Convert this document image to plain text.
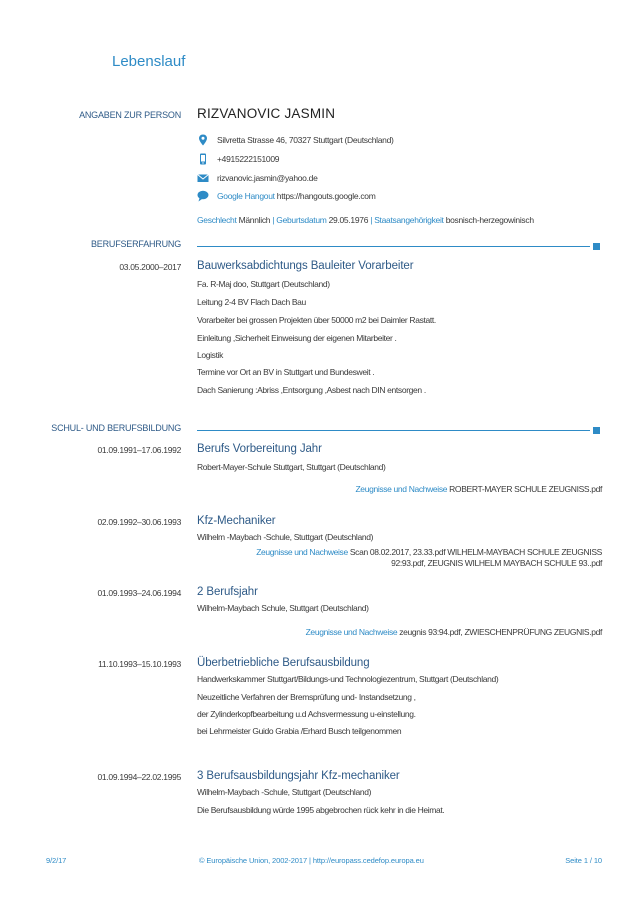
Lebenslauf
ANGABEN ZUR PERSON RIZVANOVIC JASMIN
Silvretta Strasse 46, 70327 Stuttgart (Deutschland)
+4915222151009
rizvanovic.jasmin@yahoo.de
Google Hangout
https://hangouts.google.com
Geschlecht Männlich | Geburtsdatum 29.05.1976 | Staatsangehörigkeit bosnisch-herzegowinisch
BERUFSERFAHRUNG
03.05.2000–2017 Bauwerksabdichtungs Bauleiter Vorarbeiter
Fa. R-Maj doo, Stuttgart (Deutschland)
Leitung 2-4 BV Flach Dach Bau
Vorarbeiter bei grossen Projekten über 50000 m2 bei Daimler Rastatt.
Einleitung ,Sicherheit Einweisung der eigenen Mitarbeiter .
Logistik
Termine vor Ort an BV in Stuttgart und Bundesweit .
Dach Sanierung :Abriss ,Entsorgung ,Asbest nach DIN entsorgen .
SCHUL- UND BERUFSBILDUNG
01.09.1991–17.06.1992 Berufs Vorbereitung Jahr
Robert-Mayer-Schule Stuttgart, Stuttgart (Deutschland)
Zeugnisse und Nachweise ROBERT-MAYER SCHULE ZEUGNISS.pdf
02.09.1992–30.06.1993 Kfz-Mechaniker
Wilhelm -Maybach -Schule, Stuttgart (Deutschland)
Zeugnisse und Nachweise Scan 08.02.2017, 23.33.pdf WILHELM-MAYBACH SCHULE ZEUGNISS
92:93.pdf, ZEUGNIS WILHELM MAYBACH SCHULE 93..pdf
01.09.1993–24.06.1994 2 Berufsjahr
Wilhelm-Maybach Schule, Stuttgart (Deutschland)
Zeugnisse und Nachweise zeugnis 93:94.pdf, ZWIESCHENPRÜFUNG ZEUGNIS.pdf
11.10.1993–15.10.1993 Überbetriebliche Berufsausbildung
Handwerkskammer Stuttgart/Bildungs-und Technologiezentrum, Stuttgart (Deutschland)
Neuzeitliche Verfahren der Bremsprüfung und- Instandsetzung ,
der Zylinderkopfbearbeitung u.d Achsvermessung u-einstellung.
bei Lehrmeister Guido Grabia /Erhard Busch teilgenommen
01.09.1994–22.02.1995 3 Berufsausbildungsjahr Kfz-mechaniker
Wilhelm-Maybach -Schule, Stuttgart (Deutschland)
Die Berufsausbildung würde 1995 abgebrochen rück kehr in die Heimat.
9/2/17	© Europäische Union, 2002-2017 | http://europass.cedefop.europa.eu	Seite 1 / 10
